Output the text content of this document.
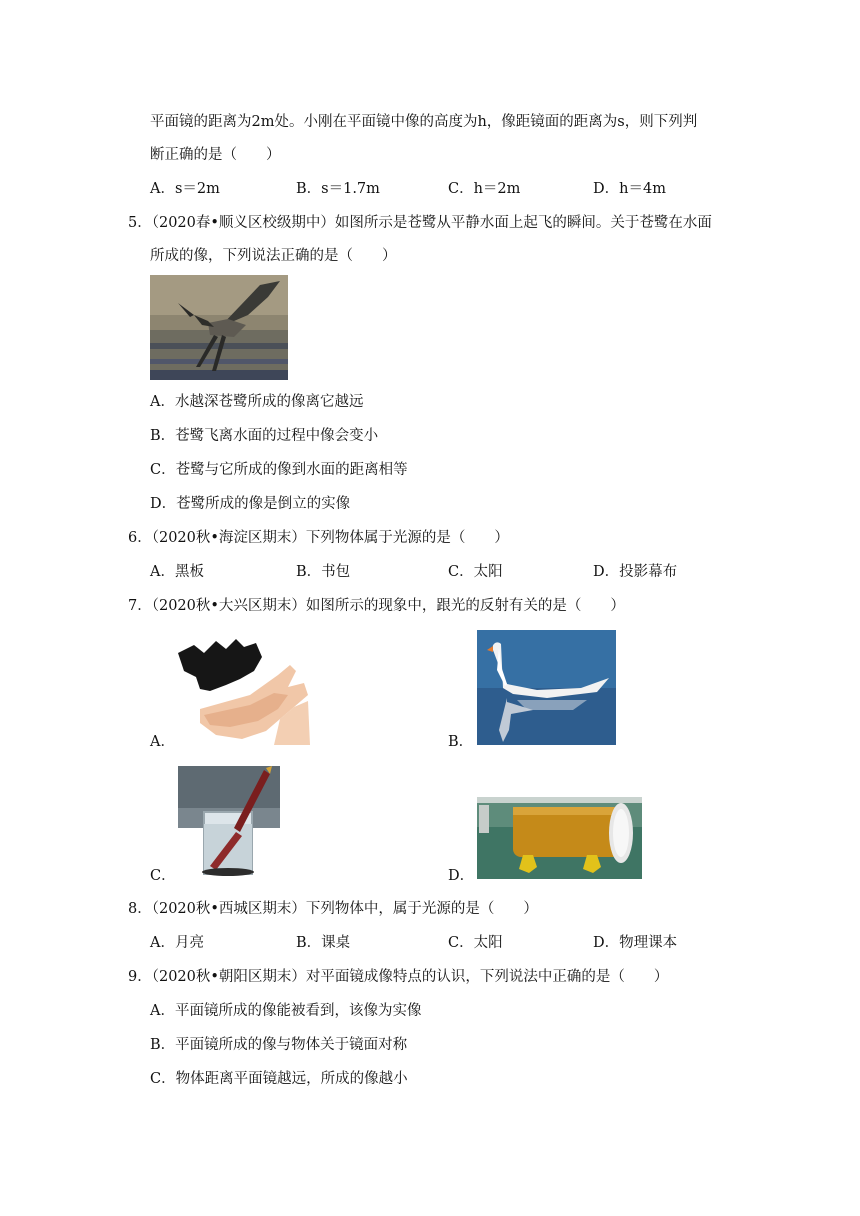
平面镜的距离为2m处。小刚在平面镜中像的高度为h，像距镜面的距离为s，则下列判
断正确的是（　　）
A．s＝2m	B．s＝1.7m	C．h＝2m	D．h＝4m
5．（2020春•顺义区校级期中）如图所示是苍鹭从平静水面上起飞的瞬间。关于苍鹭在水面
所成的像，下列说法正确的是（　　）
A．水越深苍鹭所成的像离它越远
B．苍鹭飞离水面的过程中像会变小
C．苍鹭与它所成的像到水面的距离相等
D．苍鹭所成的像是倒立的实像
6．（2020秋•海淀区期末）下列物体属于光源的是（　　）
A．黑板	B．书包	C．太阳	D．投影幕布
7．（2020秋•大兴区期末）如图所示的现象中，跟光的反射有关的是（　　）
A．	B．
C．	D．
8．（2020秋•西城区期末）下列物体中，属于光源的是（　　）
A．月亮	B．课桌	C．太阳	D．物理课本
9．（2020秋•朝阳区期末）对平面镜成像特点的认识，下列说法中正确的是（　　）
A．平面镜所成的像能被看到，该像为实像
B．平面镜所成的像与物体关于镜面对称
C．物体距离平面镜越远，所成的像越小
